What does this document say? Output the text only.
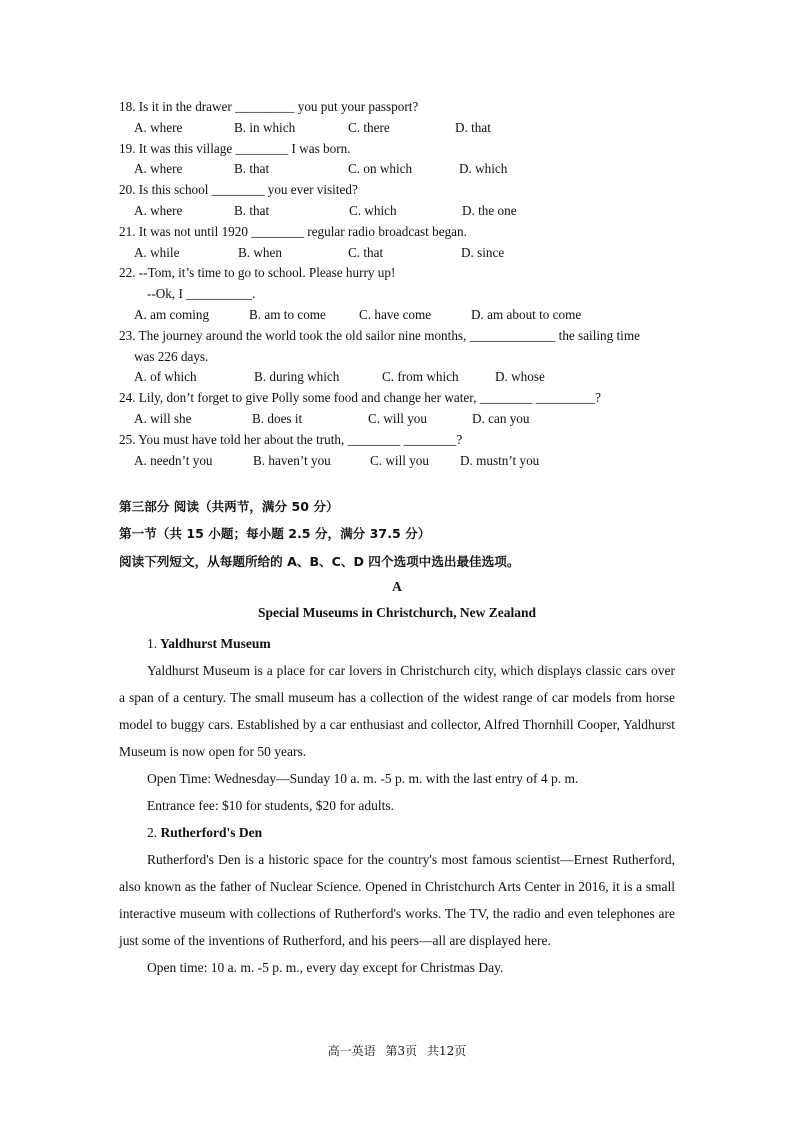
18. Is it in the drawer _________ you put your passport?
A. where	B. in which	C. there	D. that
19. It was this village ________ I was born.
A. where	B. that	C. on which	D. which
20. Is this school ________ you ever visited?
A. where	B. that	C. which	D. the one
21. It was not until 1920 ________ regular radio broadcast began.
A. while	B. when	C. that	D. since
22. --Tom, it’s time to go to school. Please hurry up!
--Ok, I __________.
A. am coming	B. am to come	C. have come	D. am about to come
23. The journey around the world took the old sailor nine months, _____________ the sailing time
was 226 days.
A. of which	B. during which	C. from which	D. whose
24. Lily, don’t forget to give Polly some food and change her water, ________ _________?
A. will she	B. does it	C. will you	D. can you
25. You must have told her about the truth, ________ ________?
A. needn’t you	B. haven’t you	C. will you D. mustn’t you
第三部分 阅读（共两节，满分 50 分）
第一节（共 15 小题；每小题 2.5 分，满分 37.5 分）
阅读下列短文，从每题所给的 A、B、C、D 四个选项中选出最佳选项。
A
Special Museums in Christchurch, New Zealand
1. Yaldhurst Museum

Yaldhurst Museum is a place for car lovers in Christchurch city, which displays classic cars over a span of a century. The small museum has a collection of the widest range of car models from horse model to buggy cars. Established by a car enthusiast and collector, Alfred Thornhill Cooper, Yaldhurst Museum is now open for 50 years.

Open Time: Wednesday—Sunday 10 a. m. -5 p. m. with the last entry of 4 p. m.
Entrance fee: $10 for students, $20 for adults.
2. Rutherford's Den

Rutherford's Den is a historic space for the country's most famous scientist—Ernest Rutherford, also known as the father of Nuclear Science. Opened in Christchurch Arts Center in 2016, it is a small interactive museum with collections of Rutherford's works. The TV, the radio and even telephones are just some of the inventions of Rutherford, and his peers—all are displayed here.

Open time: 10 a. m. -5 p. m., every day except for Christmas Day.
高一英语 第3页 共12页
